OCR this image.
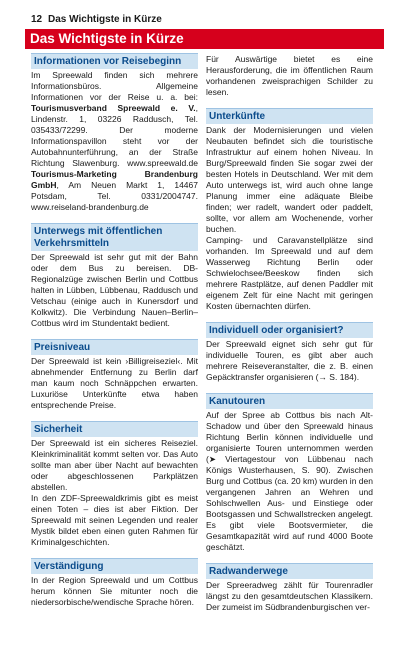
12 Das Wichtigste in Kürze
Das Wichtigste in Kürze
Informationen vor Reisebeginn
Im Spreewald finden sich mehrere Informationsbüros. Allgemeine Informationen vor der Reise u. a. bei: Tourismusverband Spreewald e. V., Lindenstr. 1, 03226 Raddusch, Tel. 035433/72299. Der moderne Informationspavillon steht vor der Autobahnunterführung, an der Straße Richtung Slawenburg. www.spreewald.de Tourismus-Marketing Brandenburg GmbH, Am Neuen Markt 1, 14467 Potsdam, Tel. 0331/2004747. www.reiseland-brandenburg.de
Unterwegs mit öffentlichen Verkehrsmitteln

Der Spreewald ist sehr gut mit der Bahn oder dem Bus zu bereisen. DB-Regionalzüge zwischen Berlin und Cottbus halten in Lübben, Lübbenau, Raddusch und Vetschau (einige auch in Kunersdorf und Kolkwitz). Die Verbindung Nauen–Berlin–Cottbus wird im Stundentakt bedient.

Preisniveau

Der Spreewald ist kein ›Billigreiseziel‹. Mit abnehmender Entfernung zu Berlin darf man kaum noch Schnäppchen erwarten. Luxuriöse Unterkünfte etwa haben entsprechende Preise.

Sicherheit

Der Spreewald ist ein sicheres Reiseziel. Kleinkriminalität kommt selten vor. Das Auto sollte man aber über Nacht auf bewachten oder abgeschlossenen Parkplätzen abstellen.

In den ZDF-Spreewaldkrimis gibt es meist einen Toten – dies ist aber Fiktion. Der Spreewald mit seinen Legenden und realer Mystik bildet eben einen guten Rahmen für Kriminalgeschichten.

Verständigung

In der Region Spreewald und um Cottbus herum können Sie mitunter noch die niedersorbische/wendische Sprache hören.

Für Auswärtige bietet es eine Herausforderung, die im öffentlichen Raum vorhandenen zweisprachigen Schilder zu lesen.

Unterkünfte

Dank der Modernisierungen und vielen Neubauten befindet sich die touristische Infrastruktur auf einem hohen Niveau. In Burg/Spreewald finden Sie sogar zwei der besten Hotels in Deutschland. Wer mit dem Auto unterwegs ist, wird auch ohne lange Planung immer eine adäquate Bleibe finden; wer radelt, wandert oder paddelt, sollte, vor allem am Wochenende, vorher buchen.

Camping- und Caravanstellplätze sind vorhanden. Im Spreewald und auf dem Wasserweg Richtung Berlin oder Schwielochsee/Beeskow finden sich mehrere Rastplätze, auf denen Paddler mit eigenem Zelt für eine Nacht mit geringen Kosten übernachten dürfen.

Individuell oder organisiert?

Der Spreewald eignet sich sehr gut für individuelle Touren, es gibt aber auch mehrere Reiseveranstalter, die z. B. einen Gepäcktransfer organisieren (→ S. 184).

Kanutouren

Auf der Spree ab Cottbus bis nach Alt-Schadow und über den Spreewald hinaus Richtung Berlin können individuelle und organisierte Touren unternommen werden (➤ Viertagestour von Lübbenau nach Königs Wusterhausen, S. 90). Zwischen Burg und Cottbus (ca. 20 km) wurden in den vergangenen Jahren an Wehren und Sohlschwellen Aus- und Einstiege oder Bootsgassen und Schwallstrecken angelegt. Es gibt viele Bootsvermieter, die Gesamtkapazität wird auf rund 4000 Boote geschätzt.

Radwanderwege

Der Spreeradweg zählt für Tourenradler längst zu den gesamtdeutschen Klassikern. Der zumeist im Südbrandenburgischen ver-
